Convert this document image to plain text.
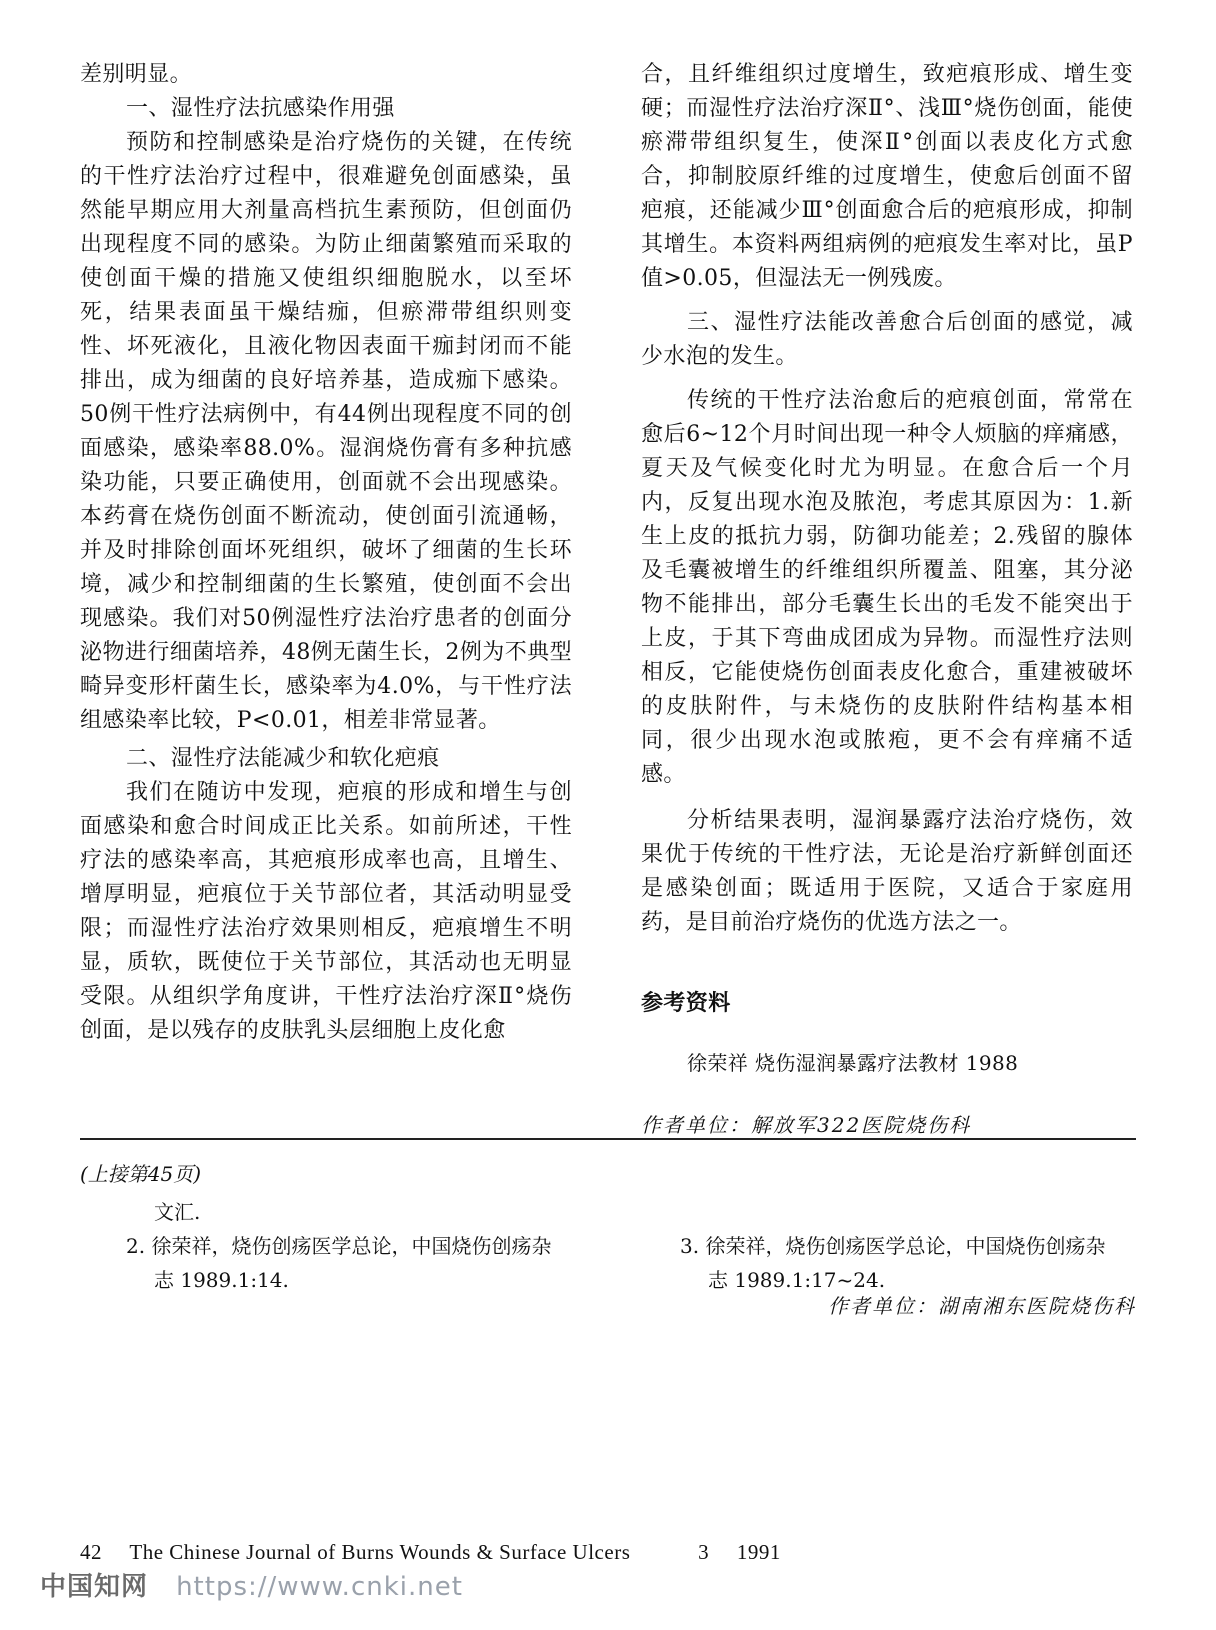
差别明显。

一、湿性疗法抗感染作用强

预防和控制感染是治疗烧伤的关键，在传统的干性疗法治疗过程中，很难避免创面感染，虽然能早期应用大剂量高档抗生素预防，但创面仍出现程度不同的感染。为防止细菌繁殖而采取的使创面干燥的措施又使组织细胞脱水，以至坏死，结果表面虽干燥结痂，但瘀滞带组织则变性、坏死液化，且液化物因表面干痂封闭而不能排出，成为细菌的良好培养基，造成痂下感染。50例干性疗法病例中，有44例出现程度不同的创面感染，感染率88.0%。湿润烧伤膏有多种抗感染功能，只要正确使用，创面就不会出现感染。本药膏在烧伤创面不断流动，使创面引流通畅，并及时排除创面坏死组织，破坏了细菌的生长环境，减少和控制细菌的生长繁殖，使创面不会出现感染。我们对50例湿性疗法治疗患者的创面分泌物进行细菌培养，48例无菌生长，2例为不典型畸异变形杆菌生长，感染率为4.0%，与干性疗法组感染率比较，P<0.01，相差非常显著。

二、湿性疗法能减少和软化疤痕

我们在随访中发现，疤痕的形成和增生与创面感染和愈合时间成正比关系。如前所述，干性疗法的感染率高，其疤痕形成率也高，且增生、增厚明显，疤痕位于关节部位者，其活动明显受限；而湿性疗法治疗效果则相反，疤痕增生不明显，质软，既使位于关节部位，其活动也无明显受限。从组织学角度讲，干性疗法治疗深Ⅱ°烧伤创面，是以残存的皮肤乳头层细胞上皮化愈

合，且纤维组织过度增生，致疤痕形成、增生变硬；而湿性疗法治疗深Ⅱ°、浅Ⅲ°烧伤创面，能使瘀滞带组织复生，使深Ⅱ°创面以表皮化方式愈合，抑制胶原纤维的过度增生，使愈后创面不留疤痕，还能减少Ⅲ°创面愈合后的疤痕形成，抑制其增生。本资料两组病例的疤痕发生率对比，虽P值>0.05，但湿法无一例残废。

三、湿性疗法能改善愈合后创面的感觉，减少水泡的发生。

传统的干性疗法治愈后的疤痕创面，常常在愈后6~12个月时间出现一种令人烦脑的痒痛感，夏天及气候变化时尤为明显。在愈合后一个月内，反复出现水泡及脓泡，考虑其原因为：1.新生上皮的抵抗力弱，防御功能差；2.残留的腺体及毛囊被增生的纤维组织所覆盖、阻塞，其分泌物不能排出，部分毛囊生长出的毛发不能突出于上皮，于其下弯曲成团成为异物。而湿性疗法则相反，它能使烧伤创面表皮化愈合，重建被破坏的皮肤附件，与未烧伤的皮肤附件结构基本相同，很少出现水泡或脓疱，更不会有痒痛不适感。

分析结果表明，湿润暴露疗法治疗烧伤，效果优于传统的干性疗法，无论是治疗新鲜创面还是感染创面；既适用于医院，又适合于家庭用药，是目前治疗烧伤的优选方法之一。

参考资料

徐荣祥 烧伤湿润暴露疗法教材 1988

作者单位：解放军322医院烧伤科

(上接第45页)
文汇.
2. 徐荣祥，烧伤创疡医学总论，中国烧伤创疡杂
志 1989.1:14.
3. 徐荣祥，烧伤创疡医学总论，中国烧伤创疡杂
志 1989.1:17~24.
作者单位：湖南湘东医院烧伤科
42 The Chinese Journal of Burns Wounds & Surface Ulcers	3 1991
中国知网 https://www.cnki.net
